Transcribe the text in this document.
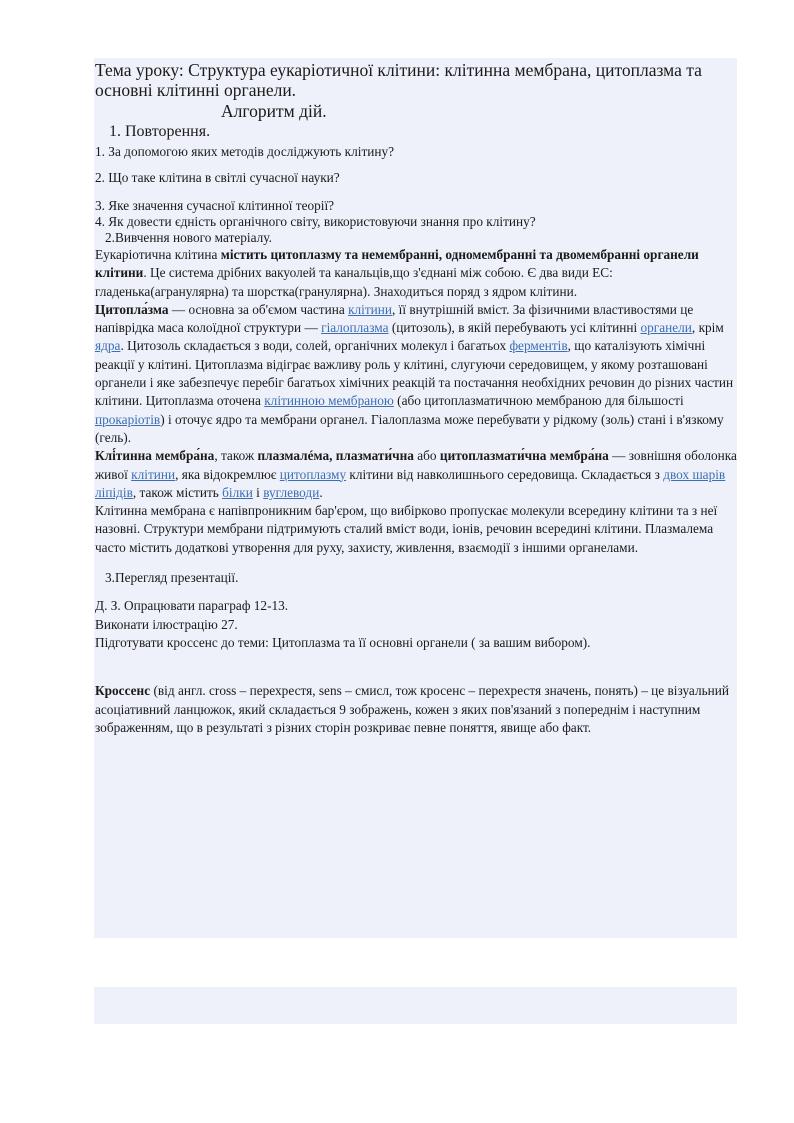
Тема уроку: Структура еукаріотичної клітини: клітинна мембрана, цитоплазма та основні клітинні органели.

Алгоритм дій.

1. Повторення.

1. За допомогою яких методів досліджують клітину?

2. Що таке клітина в світлі сучасної науки?

3. Яке значення сучасної клітинної теорії?

4. Як довести єдність органічного світу, використовуючи знання про клітину?

2.Вивчення нового матеріалу.

Еукаріотична клітина містить цитоплазму та немембранні, одномембранні та двомембранні органели клітини. Це система дрібних вакуолей та канальців,що з'єднані між собою. Є два види ЕС: гладенька(агранулярна) та шорстка(гранулярна). Знаходиться поряд з ядром клітини.

Цитопла́зма — основна за об'ємом частина клітини, її внутрішній вміст. За фізичними властивостями це напіврідка маса колоїдної структури — гіалоплазма (цитозоль), в якій перебувають усі клітинні органели, крім ядра. Цитозоль складається з води, солей, органічних молекул і багатьох ферментів, що каталізують хімічні реакції у клітині. Цитоплазма відіграє важливу роль у клітині, слугуючи середовищем, у якому розташовані органели і яке забезпечує перебіг багатьох хімічних реакцій та постачання необхідних речовин до різних частин клітини. Цитоплазма оточена клітинною мембраною (або цитоплазматичною мембраною для більшості прокаріотів) і оточує ядро та мембрани органел. Гіалоплазма може перебувати у рідкому (золь) стані і в'язкому (гель).

Клі́тинна мембра́на, також плазмалéма, плазмати́чна або цитоплазмати́чна мембра́на — зовнішня оболонка живої клітини, яка відокремлює цитоплазму клітини від навколишнього середовища. Складається з двох шарів ліпідів, також містить білки і вуглеводи.

Клітинна мембрана є напівпроникним бар'єром, що вибірково пропускає молекули всередину клітини та з неї назовні. Структури мембрани підтримують сталий вміст води, іонів, речовин всередині клітини. Плазмалема часто містить додаткові утворення для руху, захисту, живлення, взаємодії з іншими органелами.

3.Перегляд презентації.

Д. З. Опрацювати параграф 12-13.

Виконати ілюстрацію 27.

Підготувати кроссенс до теми: Цитоплазма та її основні органели ( за вашим вибором).

Кроссенс (від англ. cross – перехрестя, sens – смисл, тож кросенс – перехрестя значень, понять) – це візуальний асоціативний ланцюжок, який складається 9 зображень, кожен з яких пов'язаний з попереднім і наступним зображенням, що в результаті з різних сторін розкриває певне поняття, явище або факт.
